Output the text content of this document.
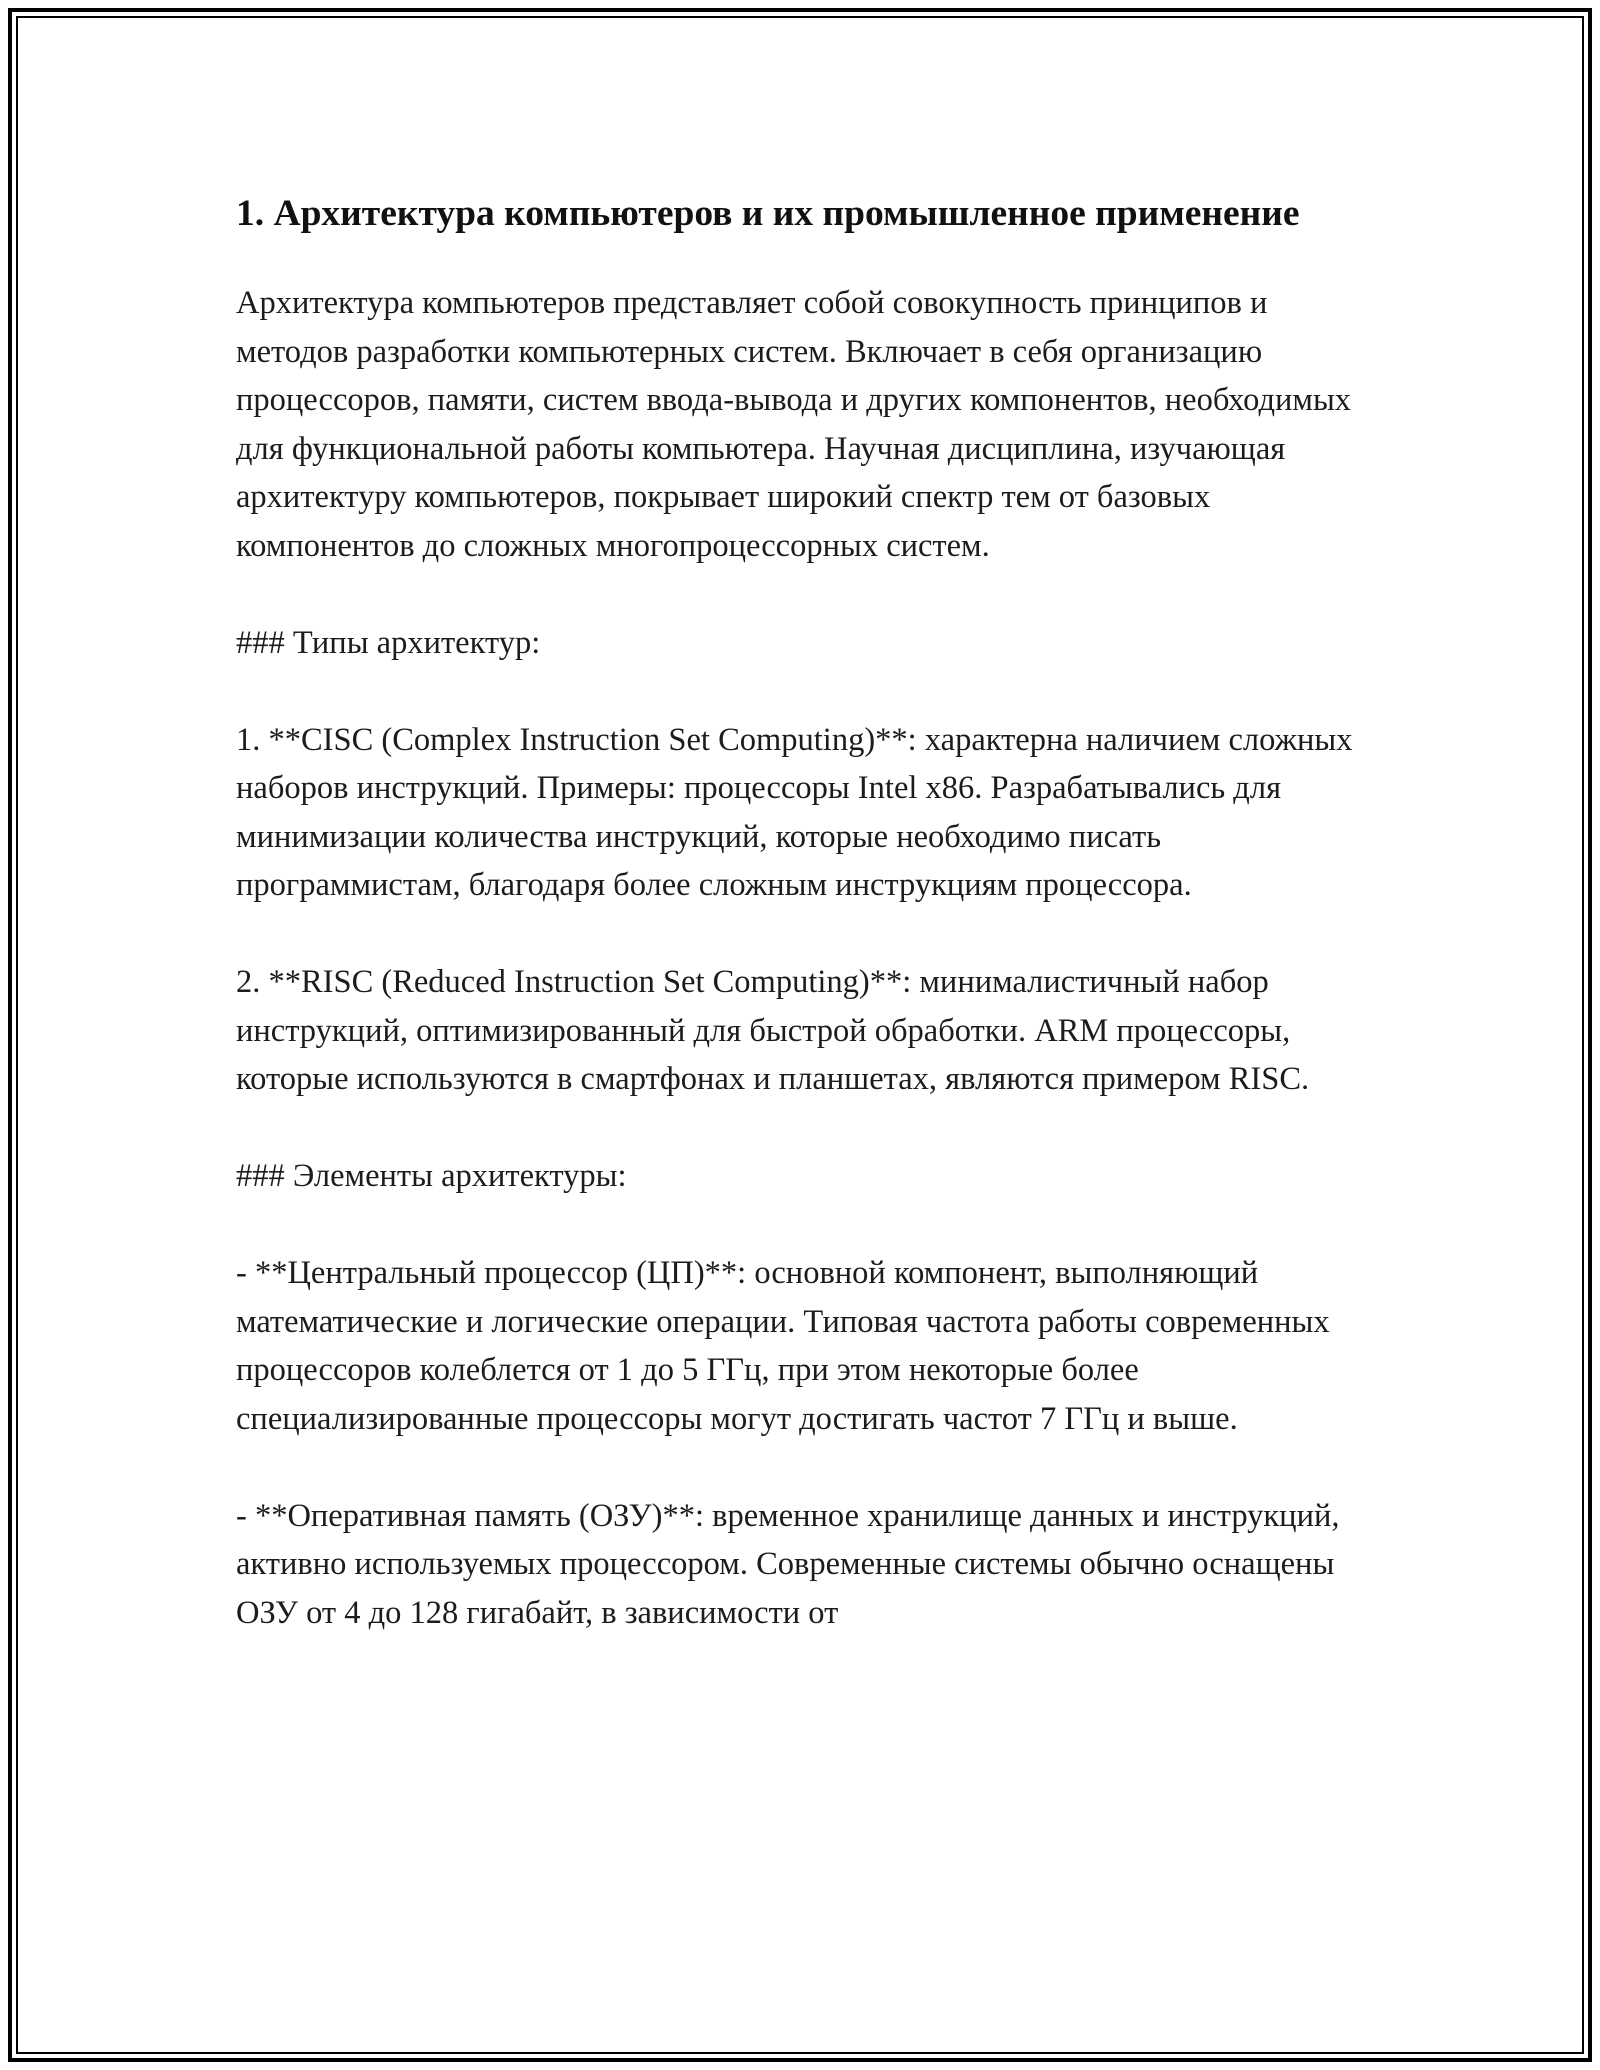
1. Архитектура компьютеров и их промышленное применение

Архитектура компьютеров представляет собой совокупность принципов и методов разработки компьютерных систем. Включает в себя организацию процессоров, памяти, систем ввода-вывода и других компонентов, необходимых для функциональной работы компьютера. Научная дисциплина, изучающая архитектуру компьютеров, покрывает широкий спектр тем от базовых компонентов до сложных многопроцессорных систем.

### Типы архитектур:

1. **CISC (Complex Instruction Set Computing)**: характерна наличием сложных наборов инструкций. Примеры: процессоры Intel x86. Разрабатывались для минимизации количества инструкций, которые необходимо писать программистам, благодаря более сложным инструкциям процессора.

2. **RISC (Reduced Instruction Set Computing)**: минималистичный набор инструкций, оптимизированный для быстрой обработки. ARM процессоры, которые используются в смартфонах и планшетах, являются примером RISC.

### Элементы архитектуры:

- **Центральный процессор (ЦП)**: основной компонент, выполняющий математические и логические операции. Типовая частота работы современных процессоров колеблется от 1 до 5 ГГц, при этом некоторые более специализированные процессоры могут достигать частот 7 ГГц и выше.

- **Оперативная память (ОЗУ)**: временное хранилище данных и инструкций, активно используемых процессором. Современные системы обычно оснащены ОЗУ от 4 до 128 гигабайт, в зависимости от
